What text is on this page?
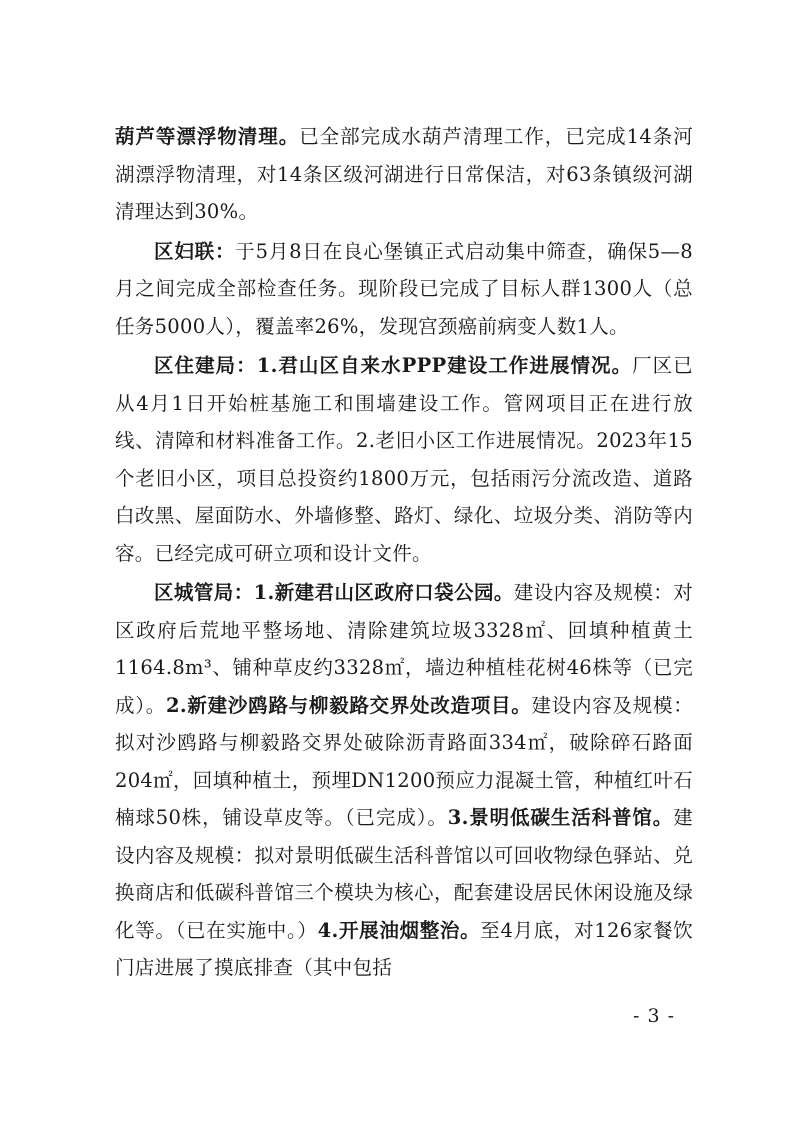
葫芦等漂浮物清理。已全部完成水葫芦清理工作，已完成14条河湖漂浮物清理，对14条区级河湖进行日常保洁，对63条镇级河湖清理达到30%。

区妇联：于5月8日在良心堡镇正式启动集中筛查，确保5—8月之间完成全部检查任务。现阶段已完成了目标人群1300人（总任务5000人），覆盖率26%，发现宫颈癌前病变人数1人。

区住建局：1.君山区自来水PPP建设工作进展情况。厂区已从4月1日开始桩基施工和围墙建设工作。管网项目正在进行放线、清障和材料准备工作。2.老旧小区工作进展情况。2023年15个老旧小区，项目总投资约1800万元，包括雨污分流改造、道路白改黑、屋面防水、外墙修整、路灯、绿化、垃圾分类、消防等内容。已经完成可研立项和设计文件。

区城管局：1.新建君山区政府口袋公园。建设内容及规模：对区政府后荒地平整场地、清除建筑垃圾3328㎡、回填种植黄土1164.8m³、铺种草皮约3328㎡，墙边种植桂花树46株等（已完成）。2.新建沙鸥路与柳毅路交界处改造项目。建设内容及规模：拟对沙鸥路与柳毅路交界处破除沥青路面334㎡，破除碎石路面204㎡，回填种植土，预埋DN1200预应力混凝土管，种植红叶石楠球50株，铺设草皮等。（已完成）。3.景明低碳生活科普馆。建设内容及规模：拟对景明低碳生活科普馆以可回收物绿色驿站、兑换商店和低碳科普馆三个模块为核心，配套建设居民休闲设施及绿化等。（已在实施中。）4.开展油烟整治。至4月底，对126家餐饮门店进展了摸底排查（其中包括

- 3 -
